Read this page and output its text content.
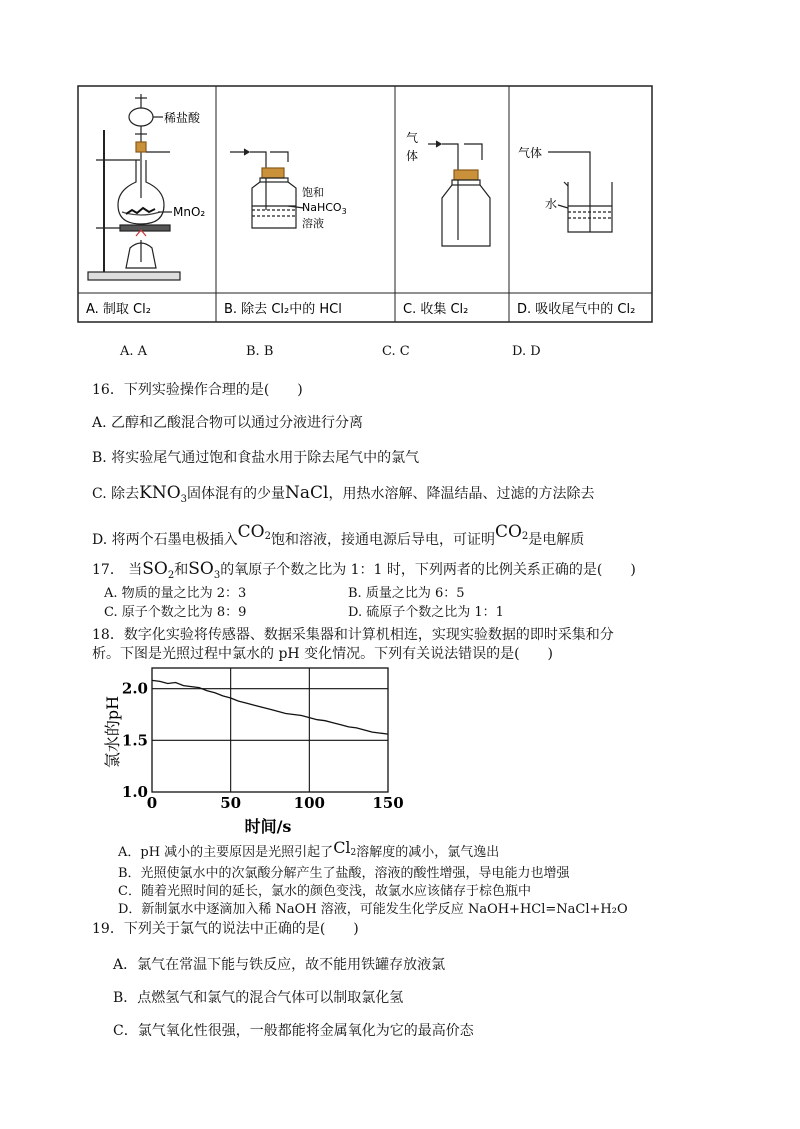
稀盐酸
MnO₂
饱和
NaHCO$_3$
溶液
气
体	气体
水
A. 制取 Cl₂	B. 除去 Cl₂中的 HCl	C. 收集 Cl₂	D. 吸收尾气中的 Cl₂
A. A	B. B	C. C	D. D
16．下列实验操作合理的是(　　)
A. 乙醇和乙酸混合物可以通过分液进行分离
B. 将实验尾气通过饱和食盐水用于除去尾气中的氯气
C. 除去$KNO_3$固体混有的少量NaCl，用热水溶解、降温结晶、过滤的方法除去
D. 将两个石墨电极插入$CO_2$饱和溶液，接通电源后导电，可证明$CO_2$是电解质
17． 当$SO_2$和$SO_3$的氧原子个数之比为 1：1 时，下列两者的比例关系正确的是(　　)
A. 物质的量之比为 2：3	B. 质量之比为 6：5
C. 原子个数之比为 8：9	D. 硫原子个数之比为 1：1
18．数字化实验将传感器、数据采集器和计算机相连，实现实验数据的即时采集和分
析。下图是光照过程中氯水的 pH 变化情况。下列有关说法错误的是(　　)
0	50	100	150
1.0
1.5
2.0
时间/s
氯水的pH
A．pH 减小的主要原因是光照引起了$Cl_2$溶解度的减小，氯气逸出
B．光照使氯水中的次氯酸分解产生了盐酸，溶液的酸性增强，导电能力也增强
C．随着光照时间的延长，氯水的颜色变浅，故氯水应该储存于棕色瓶中
D．新制氯水中逐滴加入稀 NaOH 溶液，可能发生化学反应 NaOH+HCl=NaCl+H₂O
19．下列关于氯气的说法中正确的是(　　)
A．氯气在常温下能与铁反应，故不能用铁罐存放液氯
B．点燃氢气和氯气的混合气体可以制取氯化氢
C．氯气氧化性很强，一般都能将金属氧化为它的最高价态
